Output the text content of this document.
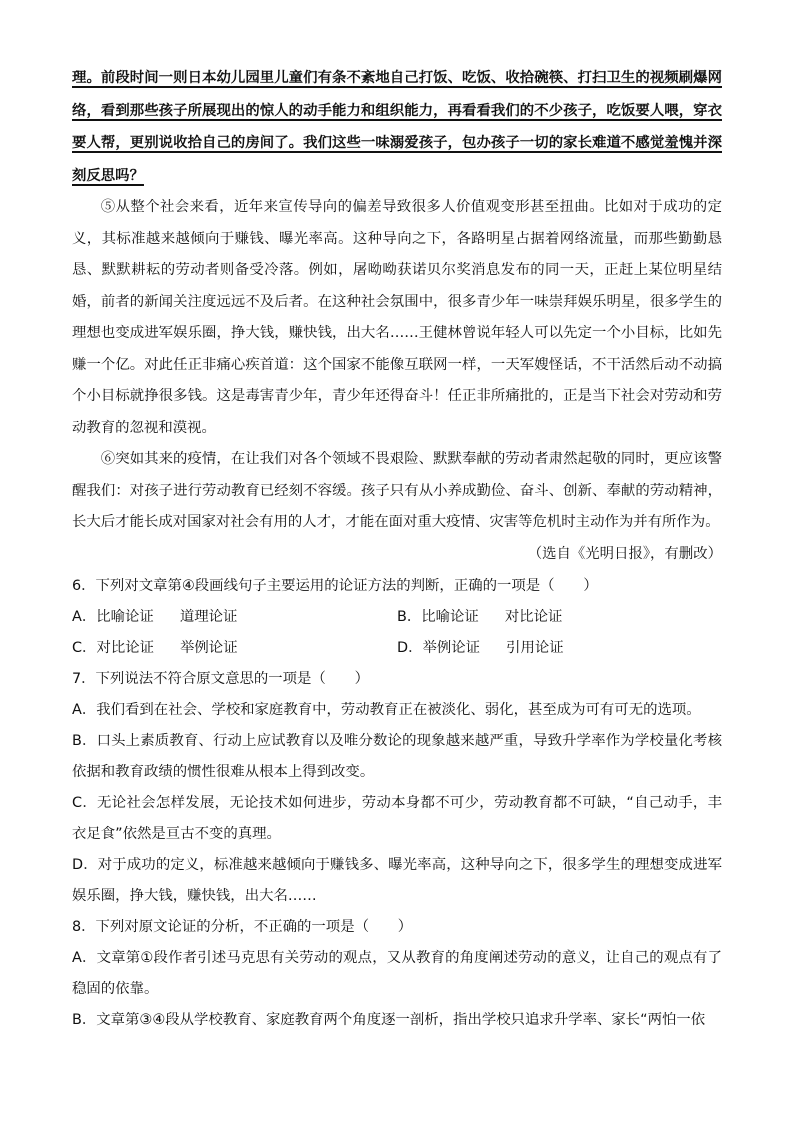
理。前段时间一则日本幼儿园里儿童们有条不紊地自己打饭、吃饭、收拾碗筷、打扫卫生的视频刷爆网络，看到那些孩子所展现出的惊人的动手能力和组织能力，再看看我们的不少孩子，吃饭要人喂，穿衣要人帮，更别说收拾自己的房间了。我们这些一味溺爱孩子，包办孩子一切的家长难道不感觉羞愧并深刻反思吗？

⑤从整个社会来看，近年来宣传导向的偏差导致很多人价值观变形甚至扭曲。比如对于成功的定义，其标准越来越倾向于赚钱、曝光率高。这种导向之下，各路明星占据着网络流量，而那些勤勤恳恳、默默耕耘的劳动者则备受冷落。例如，屠呦呦获诺贝尔奖消息发布的同一天，正赶上某位明星结婚，前者的新闻关注度远远不及后者。在这种社会氛围中，很多青少年一味崇拜娱乐明星，很多学生的理想也变成进军娱乐圈，挣大钱，赚快钱，出大名……王健林曾说年轻人可以先定一个小目标，比如先赚一个亿。对此任正非痛心疾首道：这个国家不能像互联网一样，一天军嫂怪话，不干活然后动不动搞个小目标就挣很多钱。这是毒害青少年，青少年还得奋斗！任正非所痛批的，正是当下社会对劳动和劳动教育的忽视和漠视。

⑥突如其来的疫情，在让我们对各个领域不畏艰险、默默奉献的劳动者肃然起敬的同时，更应该警醒我们：对孩子进行劳动教育已经刻不容缓。孩子只有从小养成勤俭、奋斗、创新、奉献的劳动精神，长大后才能长成对国家对社会有用的人才，才能在面对重大疫情、灾害等危机时主动作为并有所作为。

（选自《光明日报》，有删改）

6．下列对文章第④段画线句子主要运用的论证方法的判断，正确的一项是（　　）

A．比喻论证 道理论证	B．比喻论证 对比论证
C．对比论证 举例论证	D．举例论证 引用论证

7．下列说法不符合原文意思的一项是（　　）

A．我们看到在社会、学校和家庭教育中，劳动教育正在被淡化、弱化，甚至成为可有可无的选项。

B．口头上素质教育、行动上应试教育以及唯分数论的现象越来越严重，导致升学率作为学校量化考核依据和教育政绩的惯性很难从根本上得到改变。

C．无论社会怎样发展，无论技术如何进步，劳动本身都不可少，劳动教育都不可缺，“自己动手，丰衣足食”依然是亘古不变的真理。

D．对于成功的定义，标准越来越倾向于赚钱多、曝光率高，这种导向之下，很多学生的理想变成进军娱乐圈，挣大钱，赚快钱，出大名……

8．下列对原文论证的分析，不正确的一项是（　　）

A．文章第①段作者引述马克思有关劳动的观点，又从教育的角度阐述劳动的意义，让自己的观点有了稳固的依靠。

B．文章第③④段从学校教育、家庭教育两个角度逐一剖析，指出学校只追求升学率、家长“两怕一依
